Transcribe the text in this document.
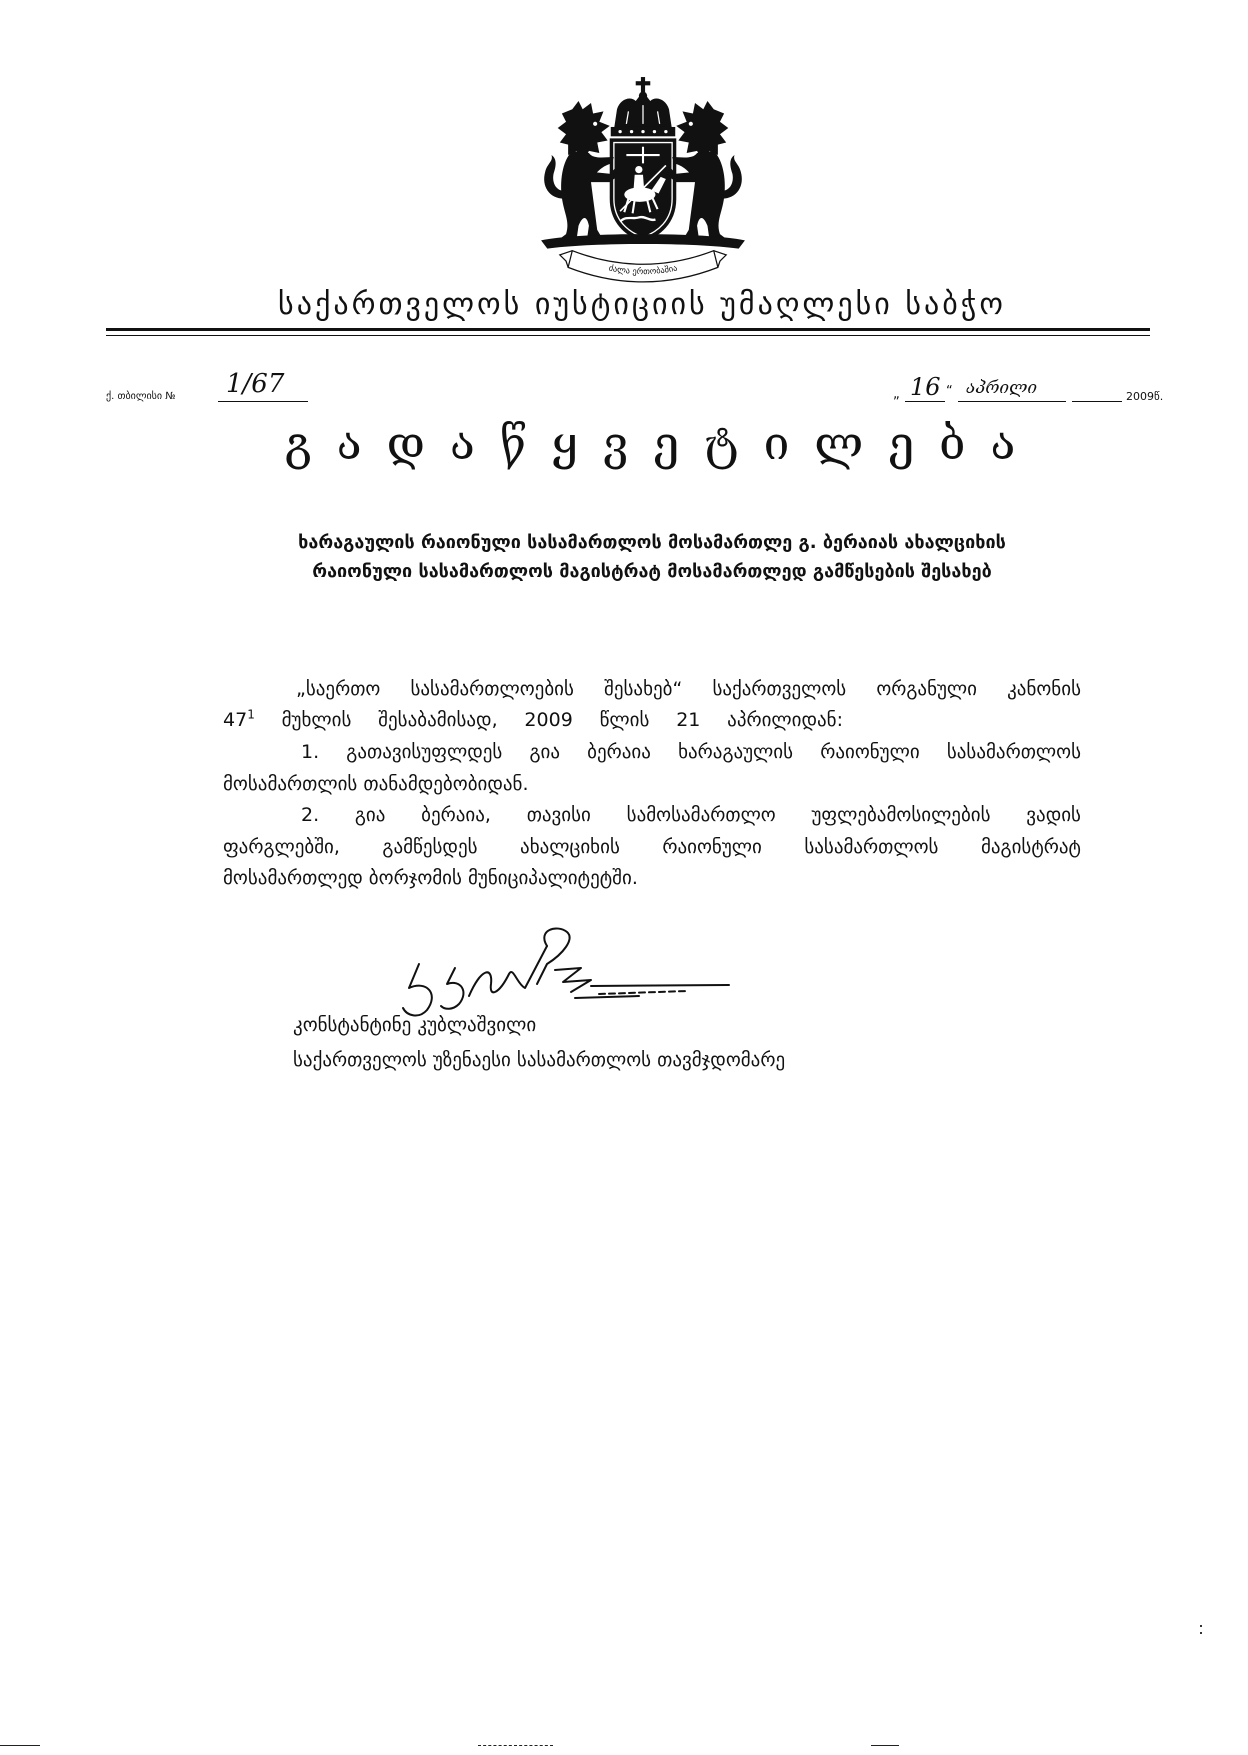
ძალა ერთობაშია
საქართველოს იუსტიციის უმაღლესი საბჭო
ქ. თბილისი № 1/67	„ 16 “ აპრილი	2009წ.
გადაწყვეტილება
ხარაგაულის რაიონული სასამართლოს მოსამართლე გ. ბერაიას ახალციხის
რაიონული სასამართლოს მაგისტრატ მოსამართლედ გამწესების შესახებ
„საერთო სასამართლოების შესახებ“ საქართველოს ორგანული კანონის
$47^1$ მუხლის შესაბამისად, 2009 წლის 21 აპრილიდან:
1. გათავისუფლდეს გია ბერაია ხარაგაულის რაიონული სასამართლოს
მოსამართლის თანამდებობიდან.
2. გია ბერაია, თავისი სამოსამართლო უფლებამოსილების ვადის
ფარგლებში, გამწესდეს ახალციხის რაიონული სასამართლოს მაგისტრატ
მოსამართლედ ბორჯომის მუნიციპალიტეტში.
კონსტანტინე კუბლაშვილი
საქართველოს უზენაესი სასამართლოს თავმჯდომარე
